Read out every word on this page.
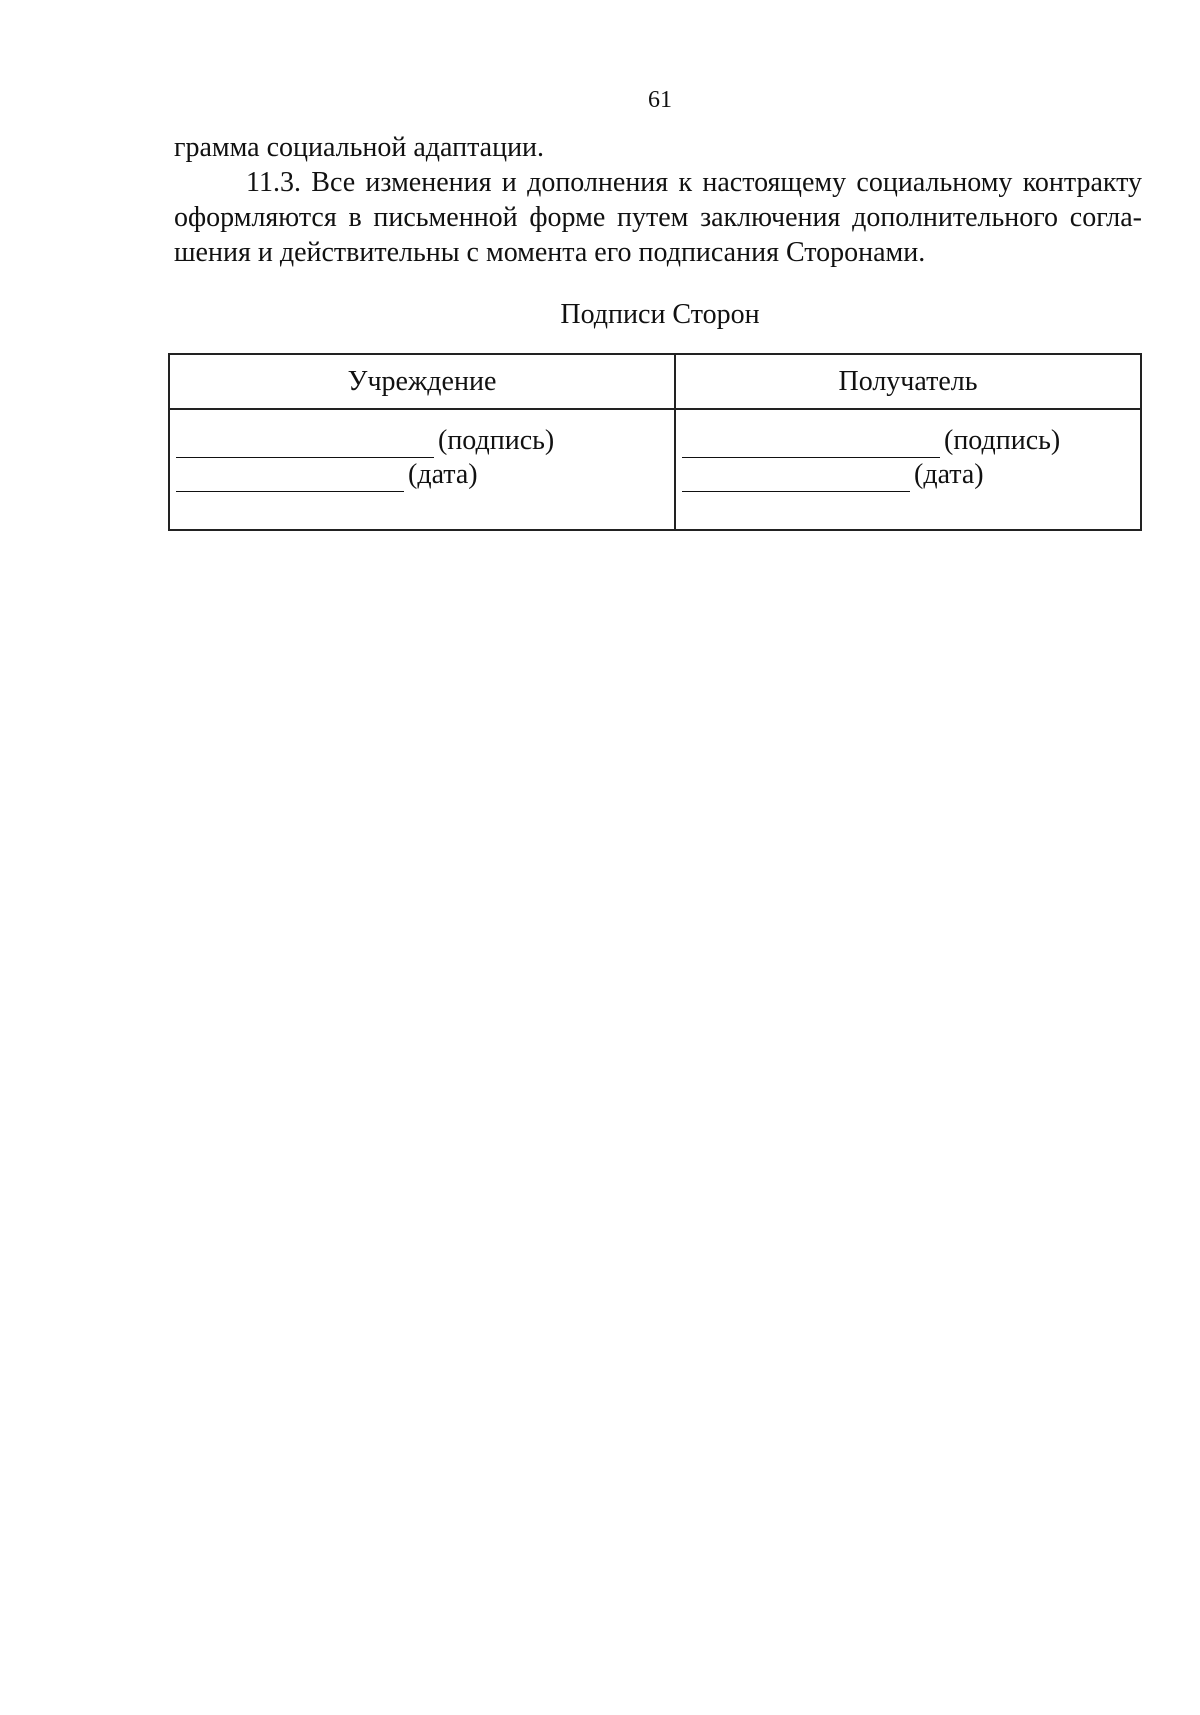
61

грамма социальной адаптации.

11.3. Все изменения и дополнения к настоящему социальному контракту

оформляются в письменной форме путем заключения дополнительного согла-

шения и действительны с момента его подписания Сторонами.

Подписи Сторон
Учреждение	Получатель
(подпись)
(дата)
(подпись)
(дата)
